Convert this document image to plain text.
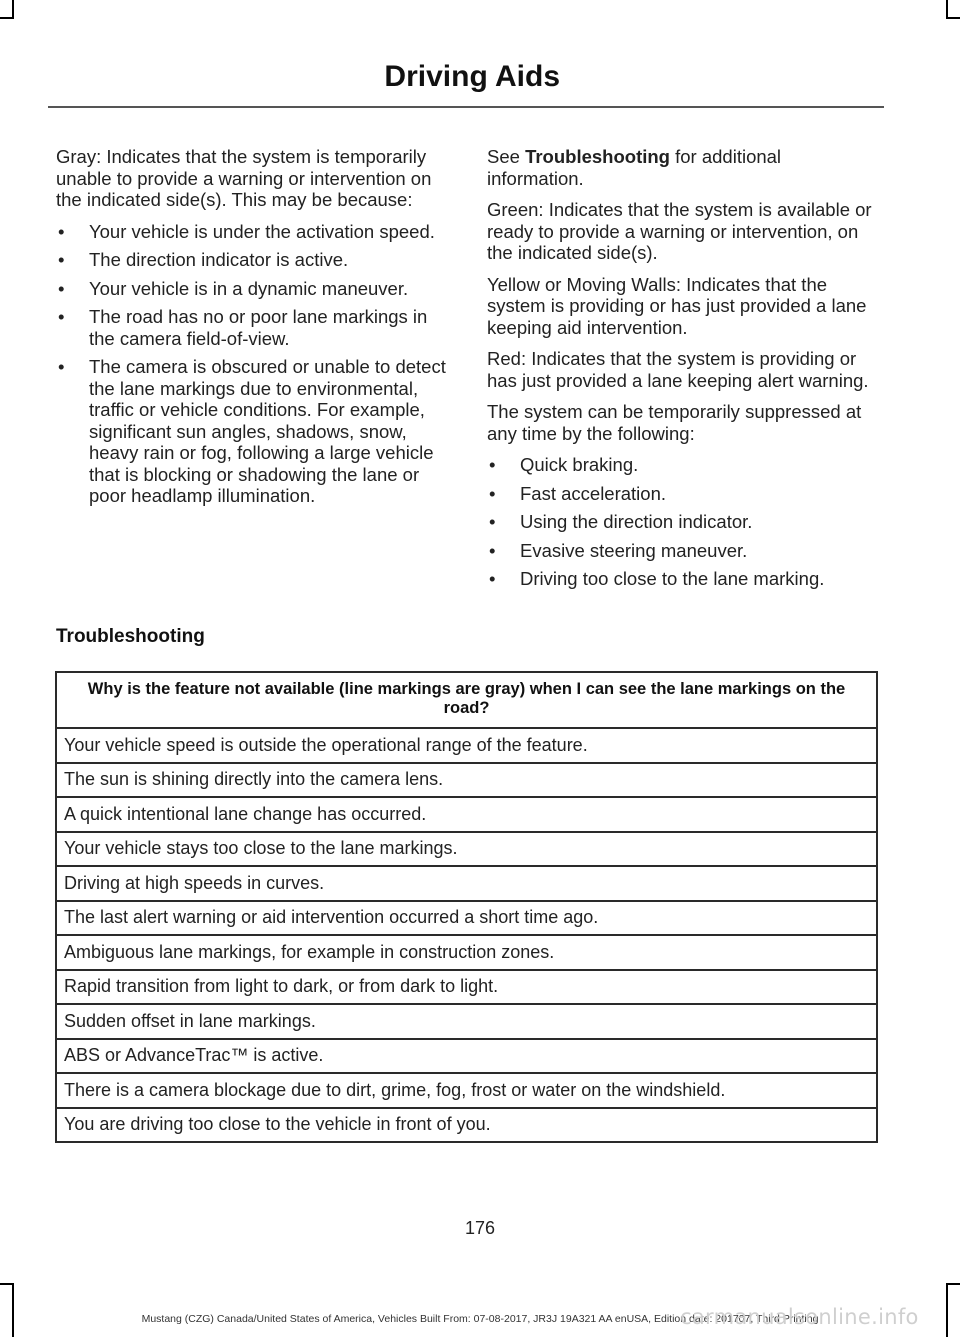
Driving Aids

Gray: Indicates that the system is temporarily unable to provide a warning or intervention on the indicated side(s). This may be because:

• Your vehicle is under the activation speed.
• The direction indicator is active.
• Your vehicle is in a dynamic maneuver.
• The road has no or poor lane markings in the camera field-of-view.
• The camera is obscured or unable to detect the lane markings due to environmental, traffic or vehicle conditions. For example, significant sun angles, shadows, snow, heavy rain or fog, following a large vehicle that is blocking or shadowing the lane or poor headlamp illumination.

See Troubleshooting for additional information.

Green: Indicates that the system is available or ready to provide a warning or intervention, on the indicated side(s).

Yellow or Moving Walls: Indicates that the system is providing or has just provided a lane keeping aid intervention.

Red: Indicates that the system is providing or has just provided a lane keeping alert warning.

The system can be temporarily suppressed at any time by the following:

• Quick braking.
• Fast acceleration.
• Using the direction indicator.
• Evasive steering maneuver.
• Driving too close to the lane marking.
Troubleshooting
Why is the feature not available (line markings are gray) when I can see the lane markings on the road?
Your vehicle speed is outside the operational range of the feature.
The sun is shining directly into the camera lens.
A quick intentional lane change has occurred.
Your vehicle stays too close to the lane markings.
Driving at high speeds in curves.
The last alert warning or aid intervention occurred a short time ago.
Ambiguous lane markings, for example in construction zones.
Rapid transition from light to dark, or from dark to light.
Sudden offset in lane markings.
ABS or AdvanceTrac™ is active.
There is a camera blockage due to dirt, grime, fog, frost or water on the windshield.
You are driving too close to the vehicle in front of you.
176
Mustang (CZG) Canada/United States of America, Vehicles Built From: 07-08-2017, JR3J 19A321 AA enUSA, Edition date: 201707, Third Printing
carmanualsonline.info
